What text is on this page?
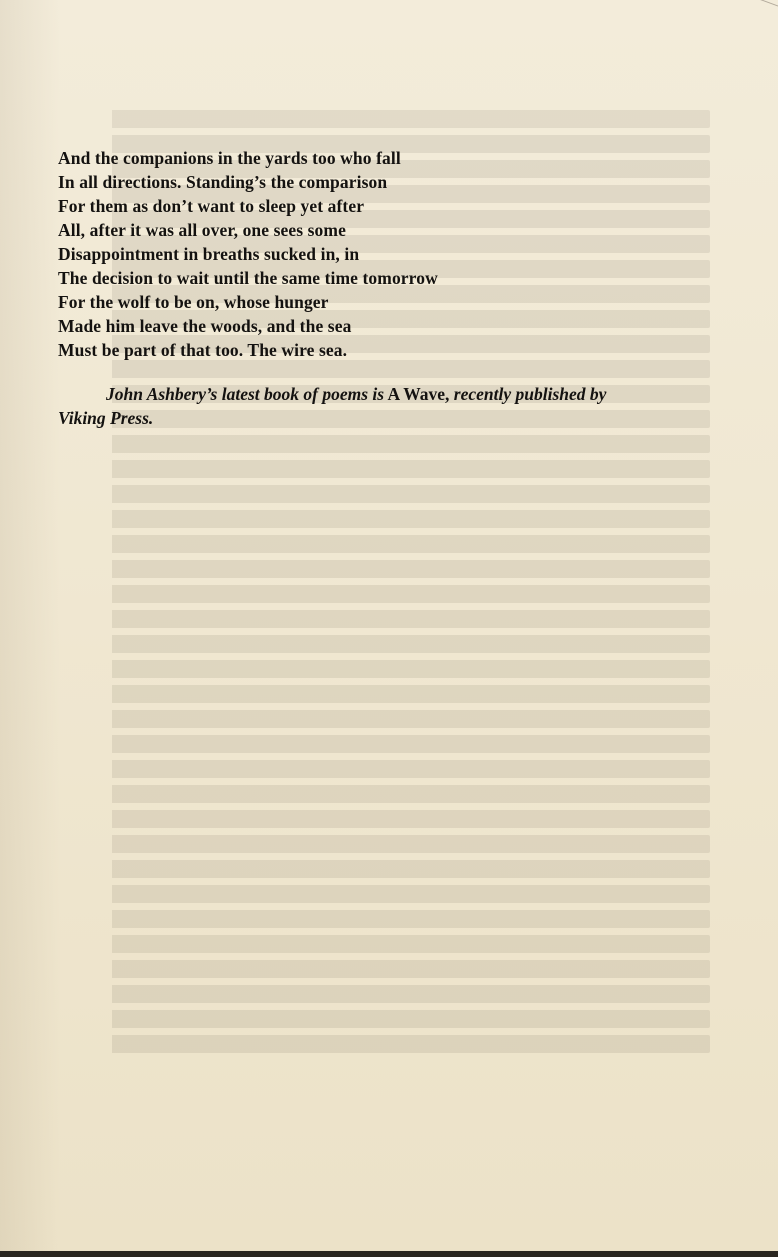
And the companions in the yards too who fall
In all directions. Standing’s the comparison
For them as don’t want to sleep yet after
All, after it was all over, one sees some
Disappointment in breaths sucked in, in
The decision to wait until the same time tomorrow
For the wolf to be on, whose hunger
Made him leave the woods, and the sea
Must be part of that too. The wire sea.
John Ashbery’s latest book of poems is A Wave, recently published by
Viking Press.
